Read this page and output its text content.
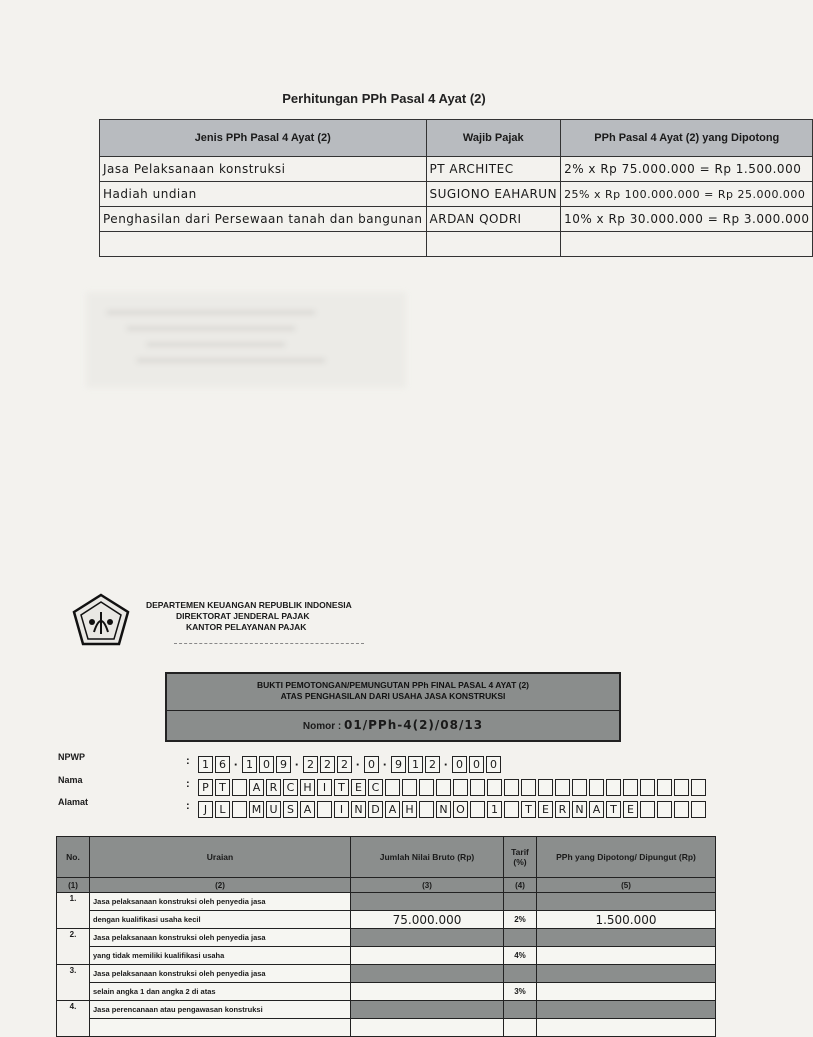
Perhitungan PPh Pasal 4 Ayat (2)
Jenis PPh Pasal 4 Ayat (2)	Wajib Pajak	PPh Pasal 4 Ayat (2) yang Dipotong
Jasa Pelaksanaan konstruksi	PT ARCHITEC	2% x Rp 75.000.000 = Rp 1.500.000
Hadiah undian	SUGIONO EAHARUN	25% x Rp 100.000.000 = Rp 25.000.000
Penghasilan dari Persewaan tanah dan bangunan	ARDAN QODRI	10% x Rp 30.000.000 = Rp 3.000.000

DEPARTEMEN KEUANGAN REPUBLIK INDONESIA
DIREKTORAT JENDERAL PAJAK
KANTOR PELAYANAN PAJAK
BUKTI PEMOTONGAN/PEMUNGUTAN PPh FINAL PASAL 4 AYAT (2)
ATAS PENGHASILAN DARI USAHA JASA KONSTRUKSI
Nomor : 01/PPh-4(2)/08/13
NPWP	:	1 6 · 1 0 9 · 2 2 2 · 0 · 9 1 2 · 0 0 0
Nama	:	P T	A R C H	I	T E C
Alamat	:	J	L	M U S A	I	N D A H	N O	1	T E R N A T E
No.	Uraian	Jumlah Nilai Bruto (Rp)	Tarif (%)	PPh yang Dipotong/ Dipungut (Rp)
(1)	(2)	(3)	(4)	(5)
1.	Jasa pelaksanaan konstruksi oleh penyedia jasa			
	dengan kualifikasi usaha kecil	75.000.000	2%	1.500.000
2.	Jasa pelaksanaan konstruksi oleh penyedia jasa			
	yang tidak memiliki kualifikasi usaha		4%	
3.	Jasa pelaksanaan konstruksi oleh penyedia jasa			
	selain angka 1 dan angka 2 di atas		3%	
4.	Jasa perencanaan atau pengawasan konstruksi			
